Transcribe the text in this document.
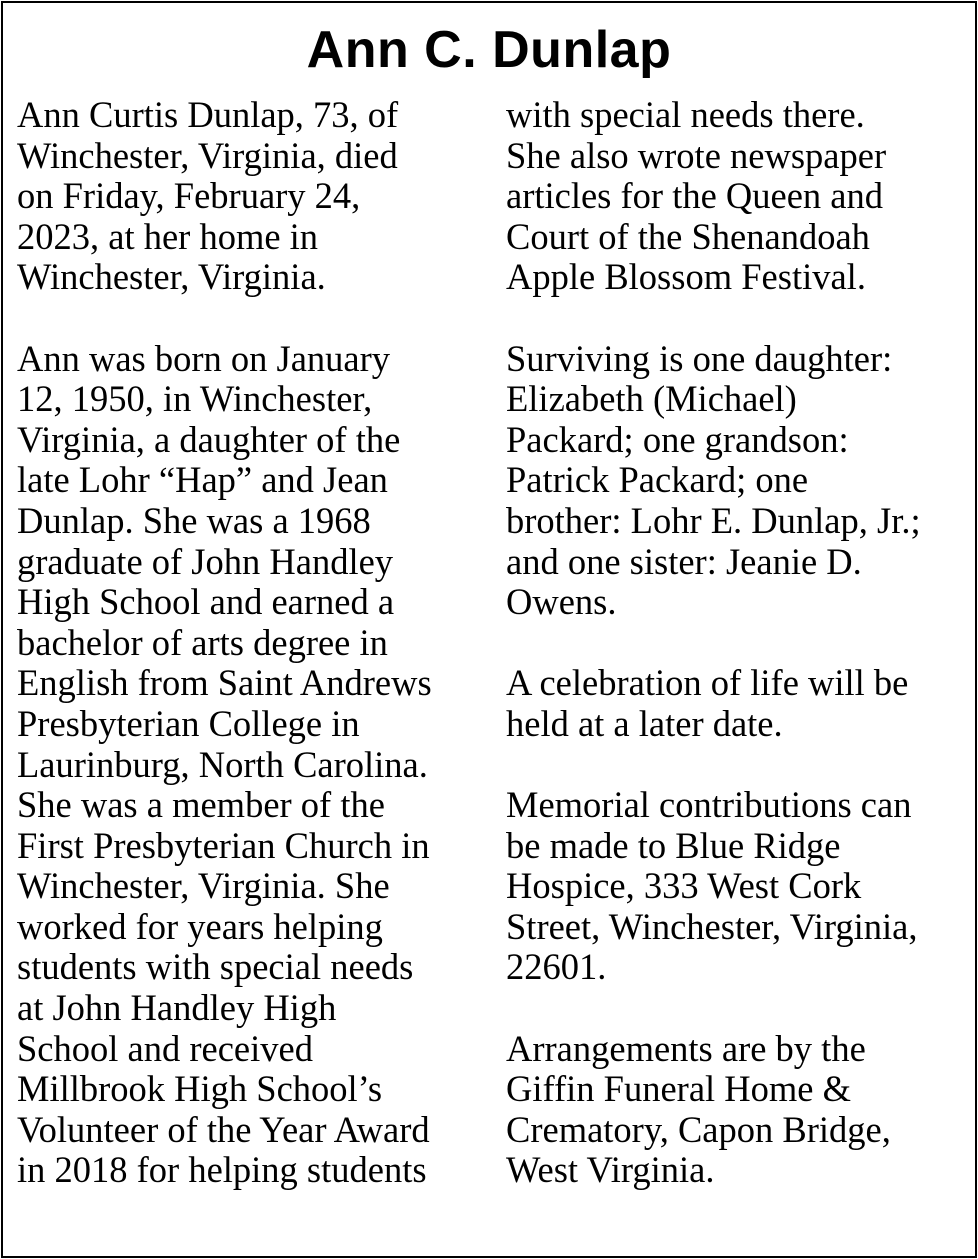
Ann C. Dunlap
Ann Curtis Dunlap, 73, of
Winchester, Virginia, died
on Friday, February 24,
2023, at her home in
Winchester, Virginia.
Ann was born on January
12, 1950, in Winchester,
Virginia, a daughter of the
late Lohr “Hap” and Jean
Dunlap. She was a 1968
graduate of John Handley
High School and earned a
bachelor of arts degree in
English from Saint Andrews
Presbyterian College in
Laurinburg, North Carolina.
She was a member of the
First Presbyterian Church in
Winchester, Virginia. She
worked for years helping
students with special needs
at John Handley High
School and received
Millbrook High School’s
Volunteer of the Year Award
in 2018 for helping students
with special needs there.
She also wrote newspaper
articles for the Queen and
Court of the Shenandoah
Apple Blossom Festival.
Surviving is one daughter:
Elizabeth (Michael)
Packard; one grandson:
Patrick Packard; one
brother: Lohr E. Dunlap, Jr.;
and one sister: Jeanie D.
Owens.
A celebration of life will be
held at a later date.
Memorial contributions can
be made to Blue Ridge
Hospice, 333 West Cork
Street, Winchester, Virginia,
22601.
Arrangements are by the
Giffin Funeral Home &
Crematory, Capon Bridge,
West Virginia.
